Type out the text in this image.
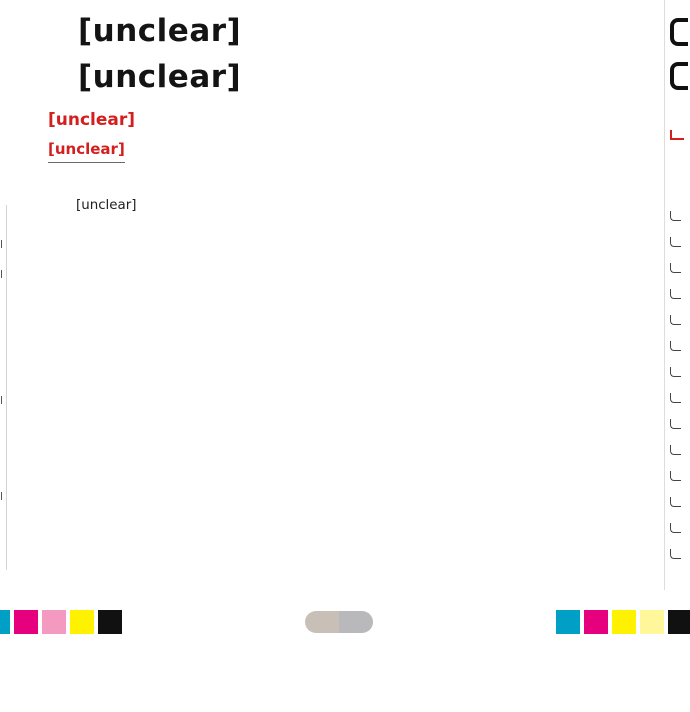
[unclear]
[unclear]
[unclear]
[unclear]

[unclear]
